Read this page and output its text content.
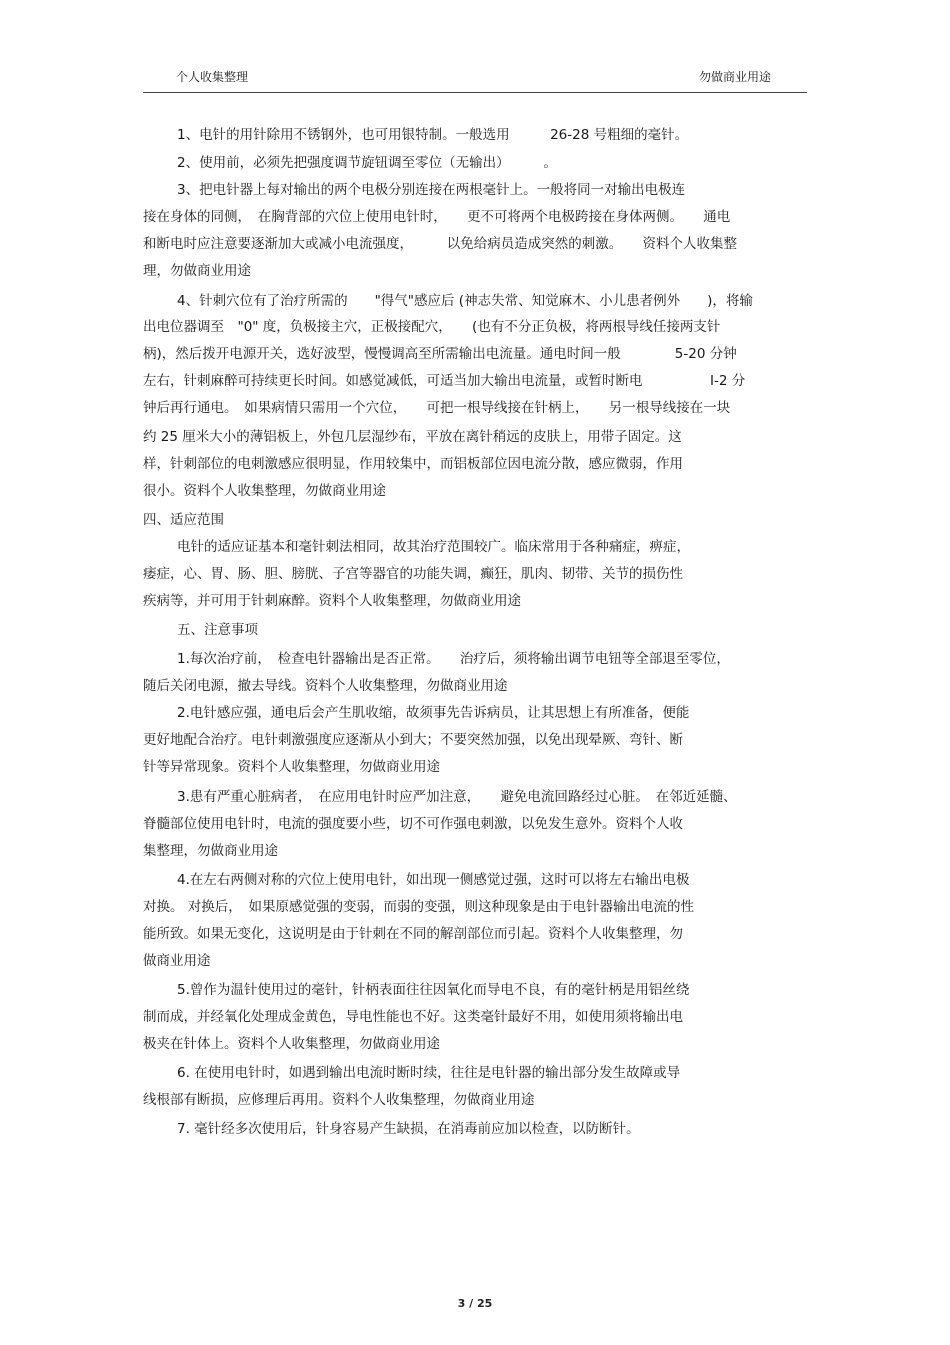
个人收集整理	勿做商业用途

1、电针的用针除用不锈钢外，也可用银特制。一般选用　　　26-28 号粗细的毫针。

2、使用前，必须先把强度调节旋钮调至零位（无输出）　　　。

3、把电针器上每对输出的两个电极分别连接在两根毫针上。一般将同一对输出电极连

接在身体的同侧，　在胸背部的穴位上使用电针时，　　更不可将两个电极跨接在身体两侧。　　通电

和断电时应注意要逐渐加大或减小电流强度，　　　以免给病员造成突然的刺激。　　资料个人收集整

理，勿做商业用途

4、针刺穴位有了治疗所需的　　"得气"感应后 (神志失常、知觉麻木、小儿患者例外　　)，将输

出电位器调至　"0" 度，负极接主穴，正极接配穴，　　(也有不分正负极，将两根导线任接两支针

柄)，然后拨开电源开关，选好波型，慢慢调高至所需输出电流量。通电时间一般　　　　5-20 分钟

左右，针刺麻醉可持续更长时间。如感觉减低，可适当加大输出电流量，或暂时断电　　　　　I-2 分

钟后再行通电。　如果病情只需用一个穴位，　　可把一根导线接在针柄上，　　另一根导线接在一块

约 25 厘米大小的薄铝板上，外包几层湿纱布，平放在离针稍远的皮肤上，用带子固定。这

样，针刺部位的电刺激感应很明显，作用较集中，而铝板部位因电流分散，感应微弱，作用

很小。资料个人收集整理，勿做商业用途

四、适应范围

电针的适应证基本和毫针刺法相同，故其治疗范围较广。临床常用于各种痛症，痹症，

痿症，心、胃、肠、胆、膀胱、子宫等器官的功能失调，癫狂，肌肉、韧带、关节的损伤性

疾病等，并可用于针刺麻醉。资料个人收集整理，勿做商业用途

五、注意事项

1.每次治疗前，　检查电针器输出是否正常。　　治疗后，须将输出调节电钮等全部退至零位，

随后关闭电源，撤去导线。资料个人收集整理，勿做商业用途

2.电针感应强，通电后会产生肌收缩，故须事先告诉病员，让其思想上有所准备，便能

更好地配合治疗。电针刺激强度应逐渐从小到大；不要突然加强，以免出现晕厥、弯针、断

针等异常现象。资料个人收集整理，勿做商业用途

3.患有严重心脏病者，　在应用电针时应严加注意，　　避免电流回路经过心脏。　在邻近延髓、

脊髓部位使用电针时，电流的强度要小些，切不可作强电刺激，以免发生意外。资料个人收

集整理，勿做商业用途

4.在左右两侧对称的穴位上使用电针，如出现一侧感觉过强，这时可以将左右输出电极

对换。 对换后，　如果原感觉强的变弱，而弱的变强，则这种现象是由于电针器输出电流的性

能所致。如果无变化，这说明是由于针刺在不同的解剖部位而引起。资料个人收集整理，勿

做商业用途

5.曾作为温针使用过的毫针，针柄表面往往因氧化而导电不良，有的毫针柄是用铝丝绕

制而成，并经氧化处理成金黄色，导电性能也不好。这类毫针最好不用，如使用须将输出电

极夹在针体上。资料个人收集整理，勿做商业用途

6. 在使用电针时，如遇到输出电流时断时续，往往是电针器的输出部分发生故障或导

线根部有断损，应修理后再用。资料个人收集整理，勿做商业用途

7. 毫针经多次使用后，针身容易产生缺损，在消毒前应加以检查，以防断针。

3 / 25
